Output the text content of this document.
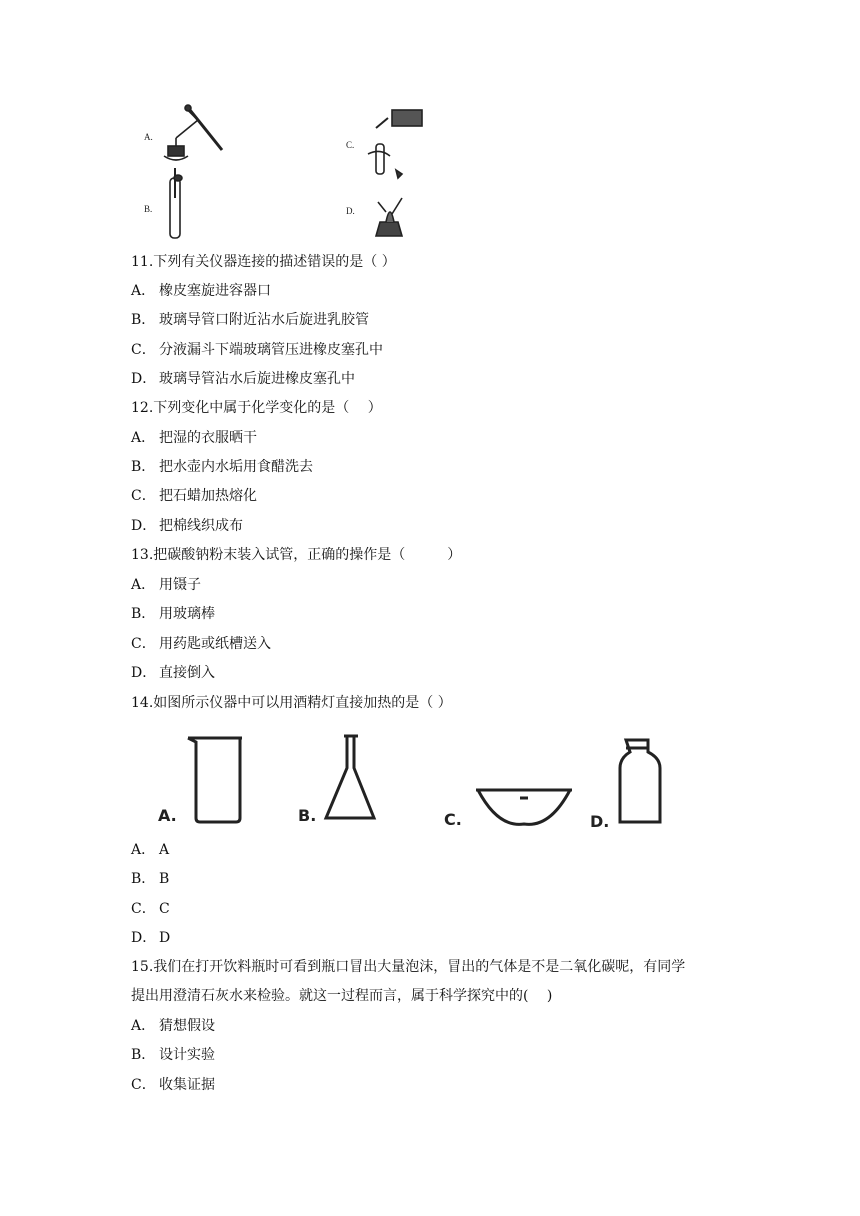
A.
B.
C.
D.
11.下列有关仪器连接的描述错误的是（ ）
A． 橡皮塞旋进容器口
B． 玻璃导管口附近沾水后旋进乳胶管
C． 分液漏斗下端玻璃管压进橡皮塞孔中
D． 玻璃导管沾水后旋进橡皮塞孔中
12.下列变化中属于化学变化的是（　 ）
A． 把湿的衣服晒干
B． 把水壶内水垢用食醋洗去
C． 把石蜡加热熔化
D． 把棉线织成布
13.把碳酸钠粉末装入试管，正确的操作是（　　　）
A． 用镊子
B． 用玻璃棒
C． 用药匙或纸槽送入
D． 直接倒入
14.如图所示仪器中可以用酒精灯直接加热的是（ ）
A.	B.	C.	D.
A． A
B． B
C． C
D． D
15.我们在打开饮料瓶时可看到瓶口冒出大量泡沫，冒出的气体是不是二氧化碳呢，有同学
提出用澄清石灰水来检验。就这一过程而言，属于科学探究中的(　 )
A． 猜想假设
B． 设计实验
C． 收集证据
